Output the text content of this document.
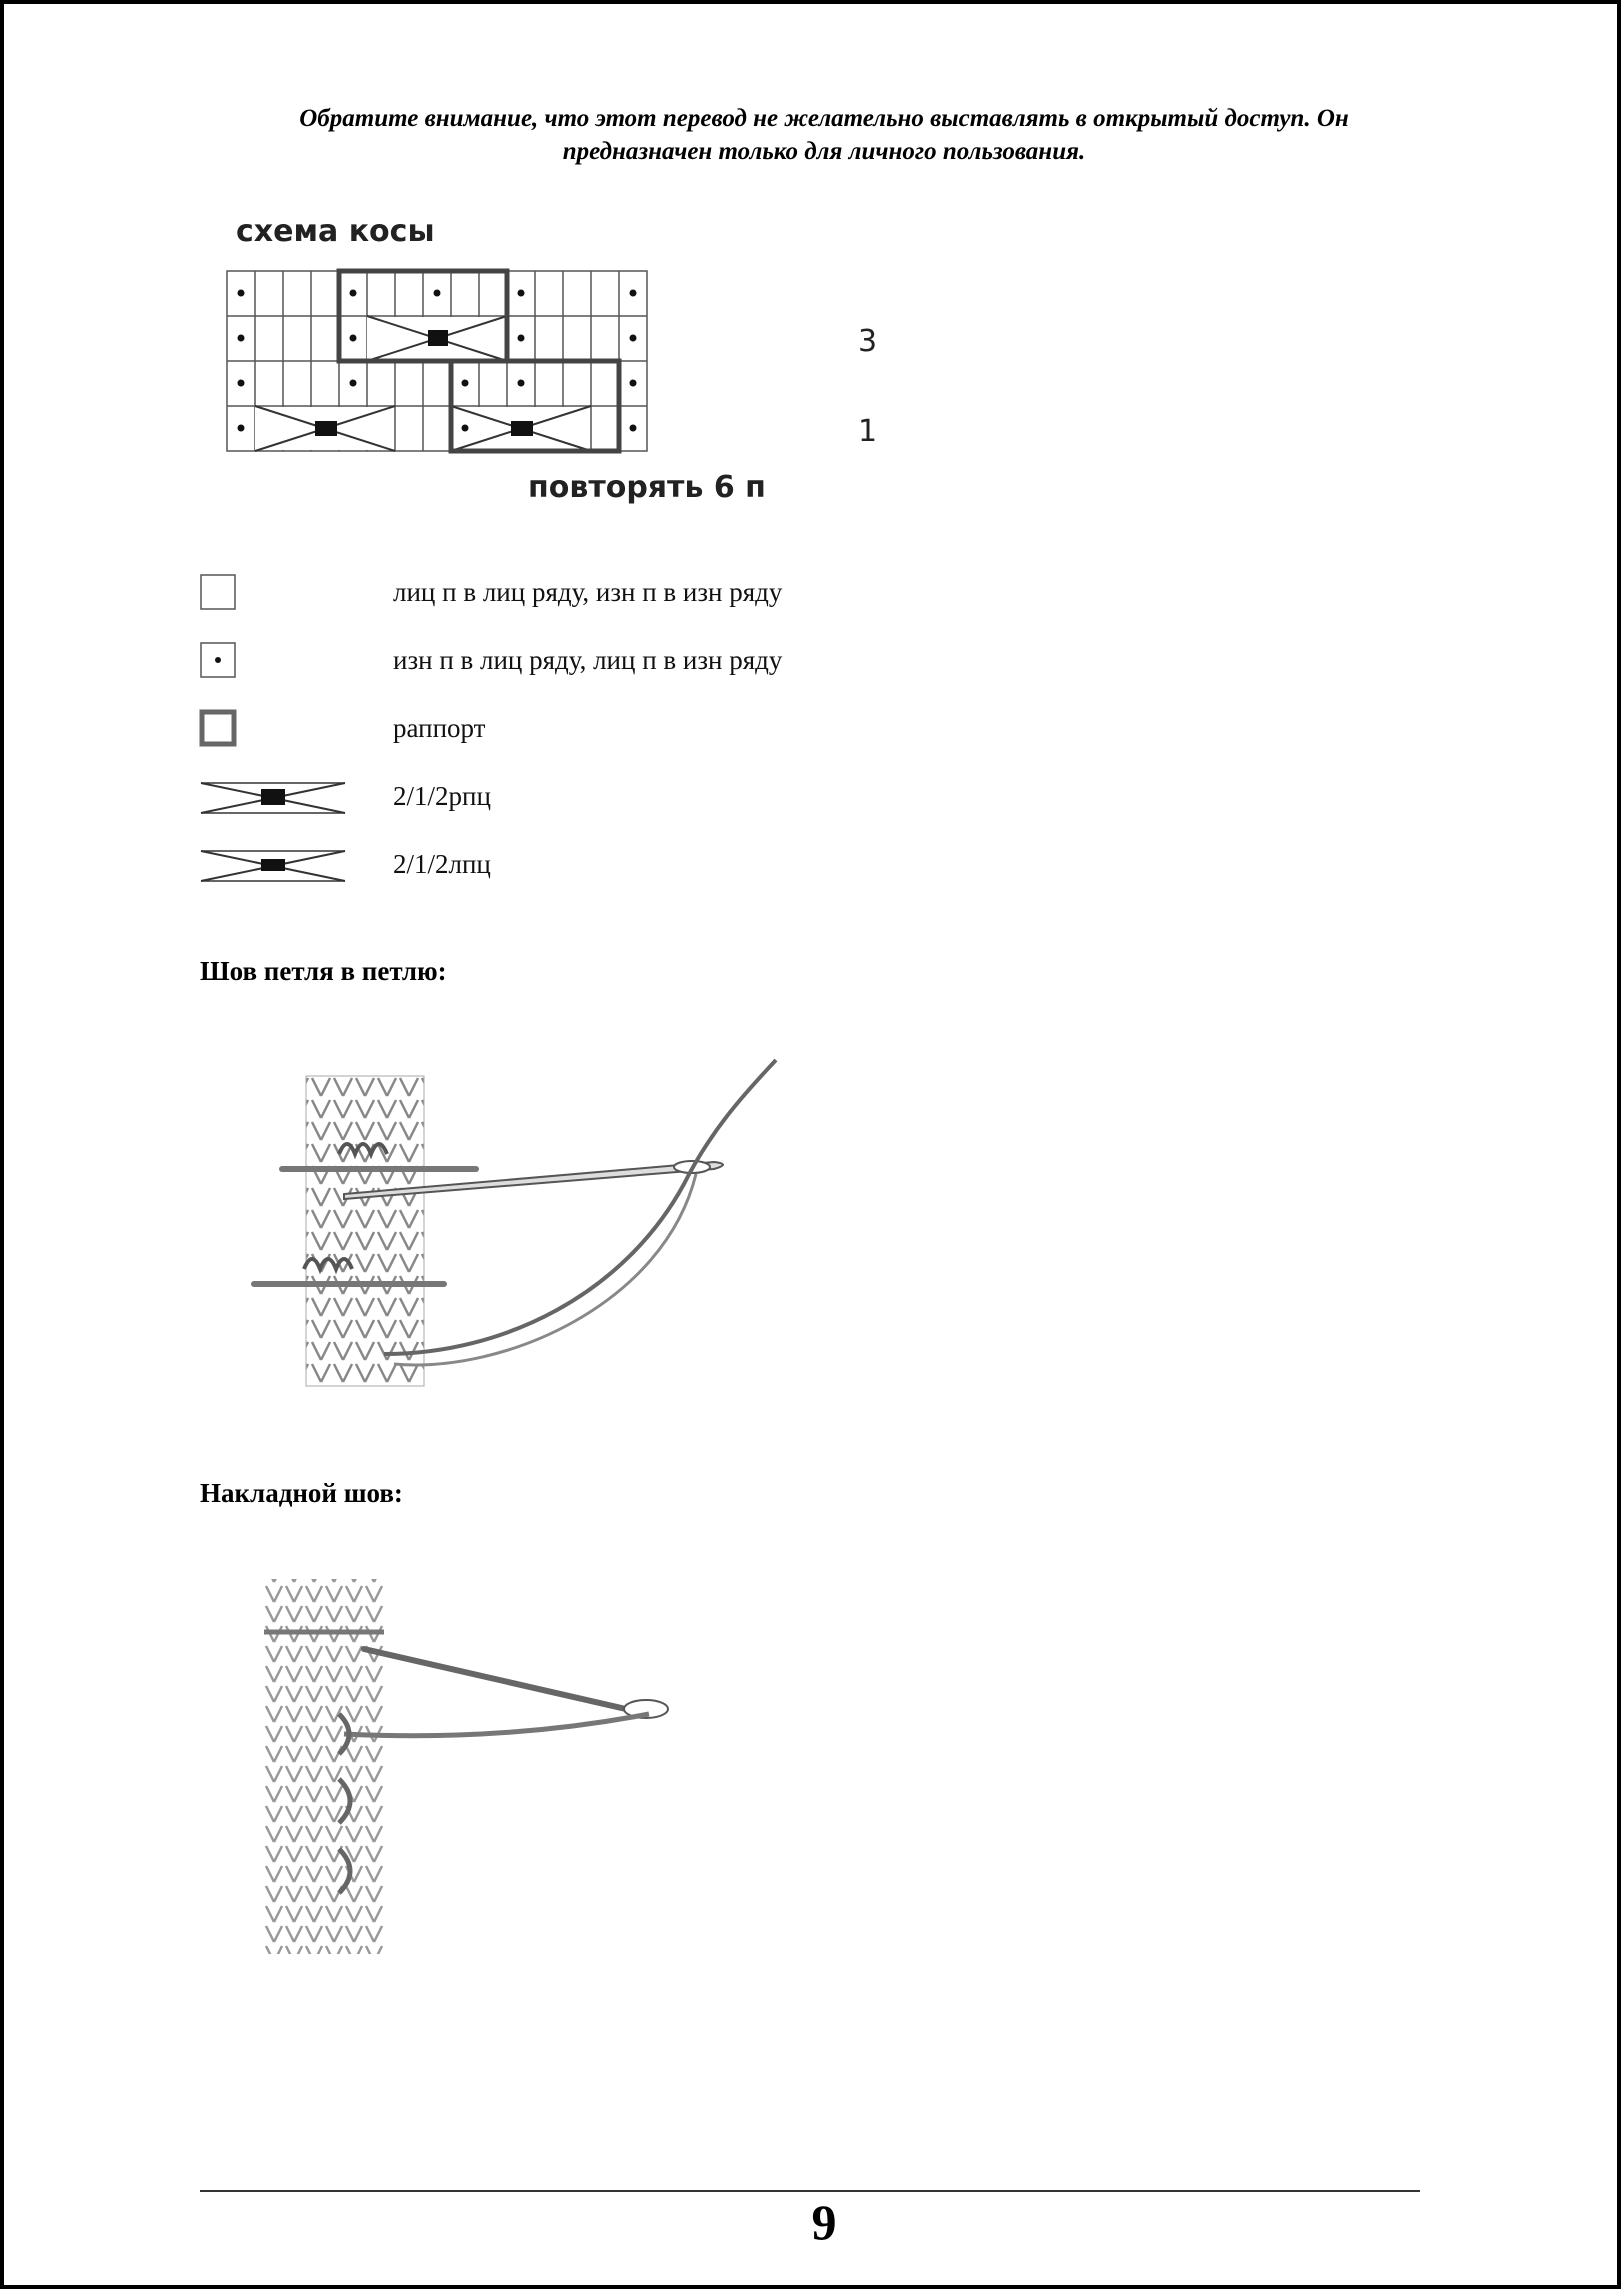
Обратите внимание, что этот перевод не желательно выставлять в открытый доступ. Он
предназначен только для личного пользования.
схема косы
3
1
повторять 6 п
лиц п в лиц ряду, изн п в изн ряду
изн п в лиц ряду, лиц п в изн ряду
раппорт
2/1/2рпц
2/1/2лпц
Шов петля в петлю:
Накладной шов:
9
